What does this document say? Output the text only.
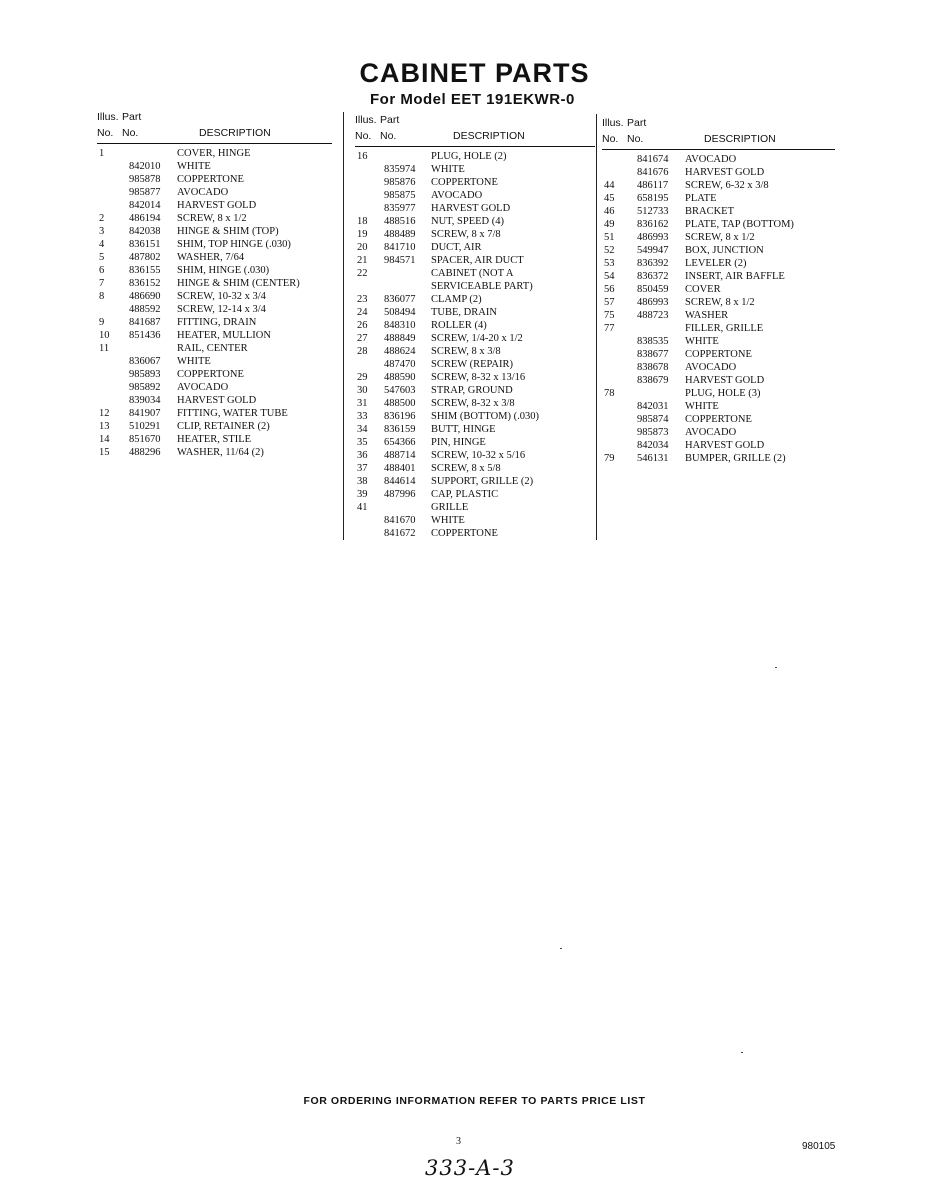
CABINET PARTS
For Model EET 191EKWR-0
Illus. Part
No. No.	DESCRIPTION
1	COVER, HINGE
842010 WHITE
985878 COPPERTONE
985877 AVOCADO
842014 HARVEST GOLD
2 486194 SCREW, 8 x 1/2
3 842038 HINGE & SHIM (TOP)
4 836151 SHIM, TOP HINGE (.030)
5 487802 WASHER, 7/64
6 836155 SHIM, HINGE (.030)
7 836152 HINGE & SHIM (CENTER)
8 486690 SCREW, 10-32 x 3/4
488592 SCREW, 12-14 x 3/4
9 841687 FITTING, DRAIN
10 851436 HEATER, MULLION
11	RAIL, CENTER
836067 WHITE
985893 COPPERTONE
985892 AVOCADO
839034 HARVEST GOLD
12 841907 FITTING, WATER TUBE
13 510291 CLIP, RETAINER (2)
14 851670 HEATER, STILE
15 488296 WASHER, 11/64 (2)
Illus. Part
No. No.	DESCRIPTION
16	PLUG, HOLE (2)
835974 WHITE
985876 COPPERTONE
985875 AVOCADO
835977 HARVEST GOLD
18 488516 NUT, SPEED (4)
19 488489 SCREW, 8 x 7/8
20 841710 DUCT, AIR
21 984571 SPACER, AIR DUCT
22	CABINET (NOT A
SERVICEABLE PART)
23 836077 CLAMP (2)
24 508494 TUBE, DRAIN
26 848310 ROLLER (4)
27 488849 SCREW, 1/4-20 x 1/2
28 488624 SCREW, 8 x 3/8
487470 SCREW (REPAIR)
29 488590 SCREW, 8-32 x 13/16
30 547603 STRAP, GROUND
31 488500 SCREW, 8-32 x 3/8
33 836196 SHIM (BOTTOM) (.030)
34 836159 BUTT, HINGE
35 654366 PIN, HINGE
36 488714 SCREW, 10-32 x 5/16
37 488401 SCREW, 8 x 5/8
38 844614 SUPPORT, GRILLE (2)
39 487996 CAP, PLASTIC
41	GRILLE
841670 WHITE
841672 COPPERTONE
Illus. Part
No. No.	DESCRIPTION
841674 AVOCADO
841676 HARVEST GOLD
44 486117 SCREW, 6-32 x 3/8
45 658195 PLATE
46 512733 BRACKET
49 836162 PLATE, TAP (BOTTOM)
51 486993 SCREW, 8 x 1/2
52 549947 BOX, JUNCTION
53 836392 LEVELER (2)
54 836372 INSERT, AIR BAFFLE
56 850459 COVER
57 486993 SCREW, 8 x 1/2
75 488723 WASHER
77	FILLER, GRILLE
838535 WHITE
838677 COPPERTONE
838678 AVOCADO
838679 HARVEST GOLD
78	PLUG, HOLE (3)
842031 WHITE
985874 COPPERTONE
985873 AVOCADO
842034 HARVEST GOLD
79 546131 BUMPER, GRILLE (2)
FOR ORDERING INFORMATION REFER TO PARTS PRICE LIST
3	980105
333-A-3
